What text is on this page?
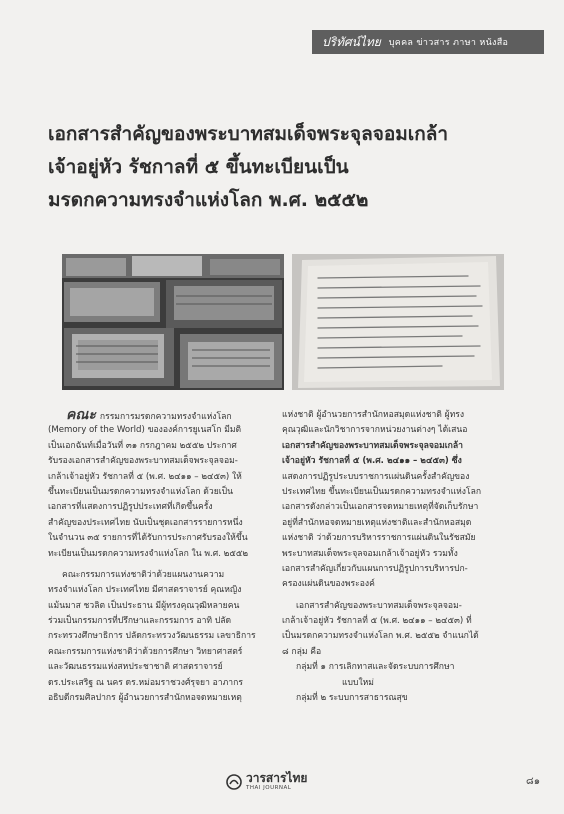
ปริทัศน์ไทย บุคคล ข่าวสาร ภาษา หนังสือ
เอกสารสำคัญของพระบาทสมเด็จพระจุลจอมเกล้า
เจ้าอยู่หัว รัชกาลที่ ๕ ขึ้นทะเบียนเป็น
มรดกความทรงจำแห่งโลก พ.ศ. ๒๕๕๒
คณะ กรรมการมรดกความทรงจำแห่งโลก
(Memory of the World) ขององค์การยูเนสโก มีมติ
เป็นเอกฉันท์เมื่อวันที่ ๓๑ กรกฎาคม ๒๕๕๒ ประกาศ
รับรองเอกสารสำคัญของพระบาทสมเด็จพระจุลจอม-
เกล้าเจ้าอยู่หัว รัชกาลที่ ๕ (พ.ศ. ๒๔๑๑ – ๒๔๕๓) ให้
ขึ้นทะเบียนเป็นมรดกความทรงจำแห่งโลก ด้วยเป็น
เอกสารที่แสดงการปฏิรูปประเทศที่เกิดขึ้นครั้ง
สำคัญของประเทศไทย นับเป็นชุดเอกสารรายการหนึ่ง
ในจำนวน ๓๕ รายการที่ได้รับการประกาศรับรองให้ขึ้น
ทะเบียนเป็นมรดกความทรงจำแห่งโลก ใน พ.ศ. ๒๕๕๒
คณะกรรมการแห่งชาติว่าด้วยแผนงานความ
ทรงจำแห่งโลก ประเทศไทย มีศาสตราจารย์ คุณหญิง
แม้นมาส ชวลิต เป็นประธาน มีผู้ทรงคุณวุฒิหลายคน
ร่วมเป็นกรรมการที่ปรึกษาและกรรมการ อาทิ ปลัด
กระทรวงศึกษาธิการ ปลัดกระทรวงวัฒนธรรม เลขาธิการ
คณะกรรมการแห่งชาติว่าด้วยการศึกษา วิทยาศาสตร์
และวัฒนธรรมแห่งสหประชาชาติ ศาสตราจารย์
ดร.ประเสริฐ ณ นคร ดร.หม่อมราชวงศ์รุจยา อาภากร
อธิบดีกรมศิลปากร ผู้อำนวยการสำนักหอจดหมายเหตุ
แห่งชาติ ผู้อำนวยการสำนักหอสมุดแห่งชาติ ผู้ทรง
คุณวุฒิและนักวิชาการจากหน่วยงานต่างๆ ได้เสนอ
เอกสารสำคัญของพระบาทสมเด็จพระจุลจอมเกล้า
เจ้าอยู่หัว รัชกาลที่ ๕ (พ.ศ. ๒๔๑๑ – ๒๔๕๓) ซึ่ง
แสดงการปฏิรูประบบราชการแผ่นดินครั้งสำคัญของ
ประเทศไทย ขึ้นทะเบียนเป็นมรดกความทรงจำแห่งโลก
เอกสารดังกล่าวเป็นเอกสารจดหมายเหตุที่จัดเก็บรักษา
อยู่ที่สำนักหอจดหมายเหตุแห่งชาติและสำนักหอสมุด
แห่งชาติ ว่าด้วยการบริหารราชการแผ่นดินในรัชสมัย
พระบาทสมเด็จพระจุลจอมเกล้าเจ้าอยู่หัว รวมทั้ง
เอกสารสำคัญเกี่ยวกับแผนการปฏิรูปการบริหารปก-
ครองแผ่นดินของพระองค์
เอกสารสำคัญของพระบาทสมเด็จพระจุลจอม-
เกล้าเจ้าอยู่หัว รัชกาลที่ ๕ (พ.ศ. ๒๔๑๑ – ๒๔๕๓) ที่
เป็นมรดกความทรงจำแห่งโลก พ.ศ. ๒๕๕๒ จำแนกได้
๘ กลุ่ม คือ
กลุ่มที่ ๑ การเลิกทาสและจัดระบบการศึกษา
แบบใหม่
กลุ่มที่ ๒ ระบบการสาธารณสุข
วารสารไทย
THAI JOURNAL
๘๑
